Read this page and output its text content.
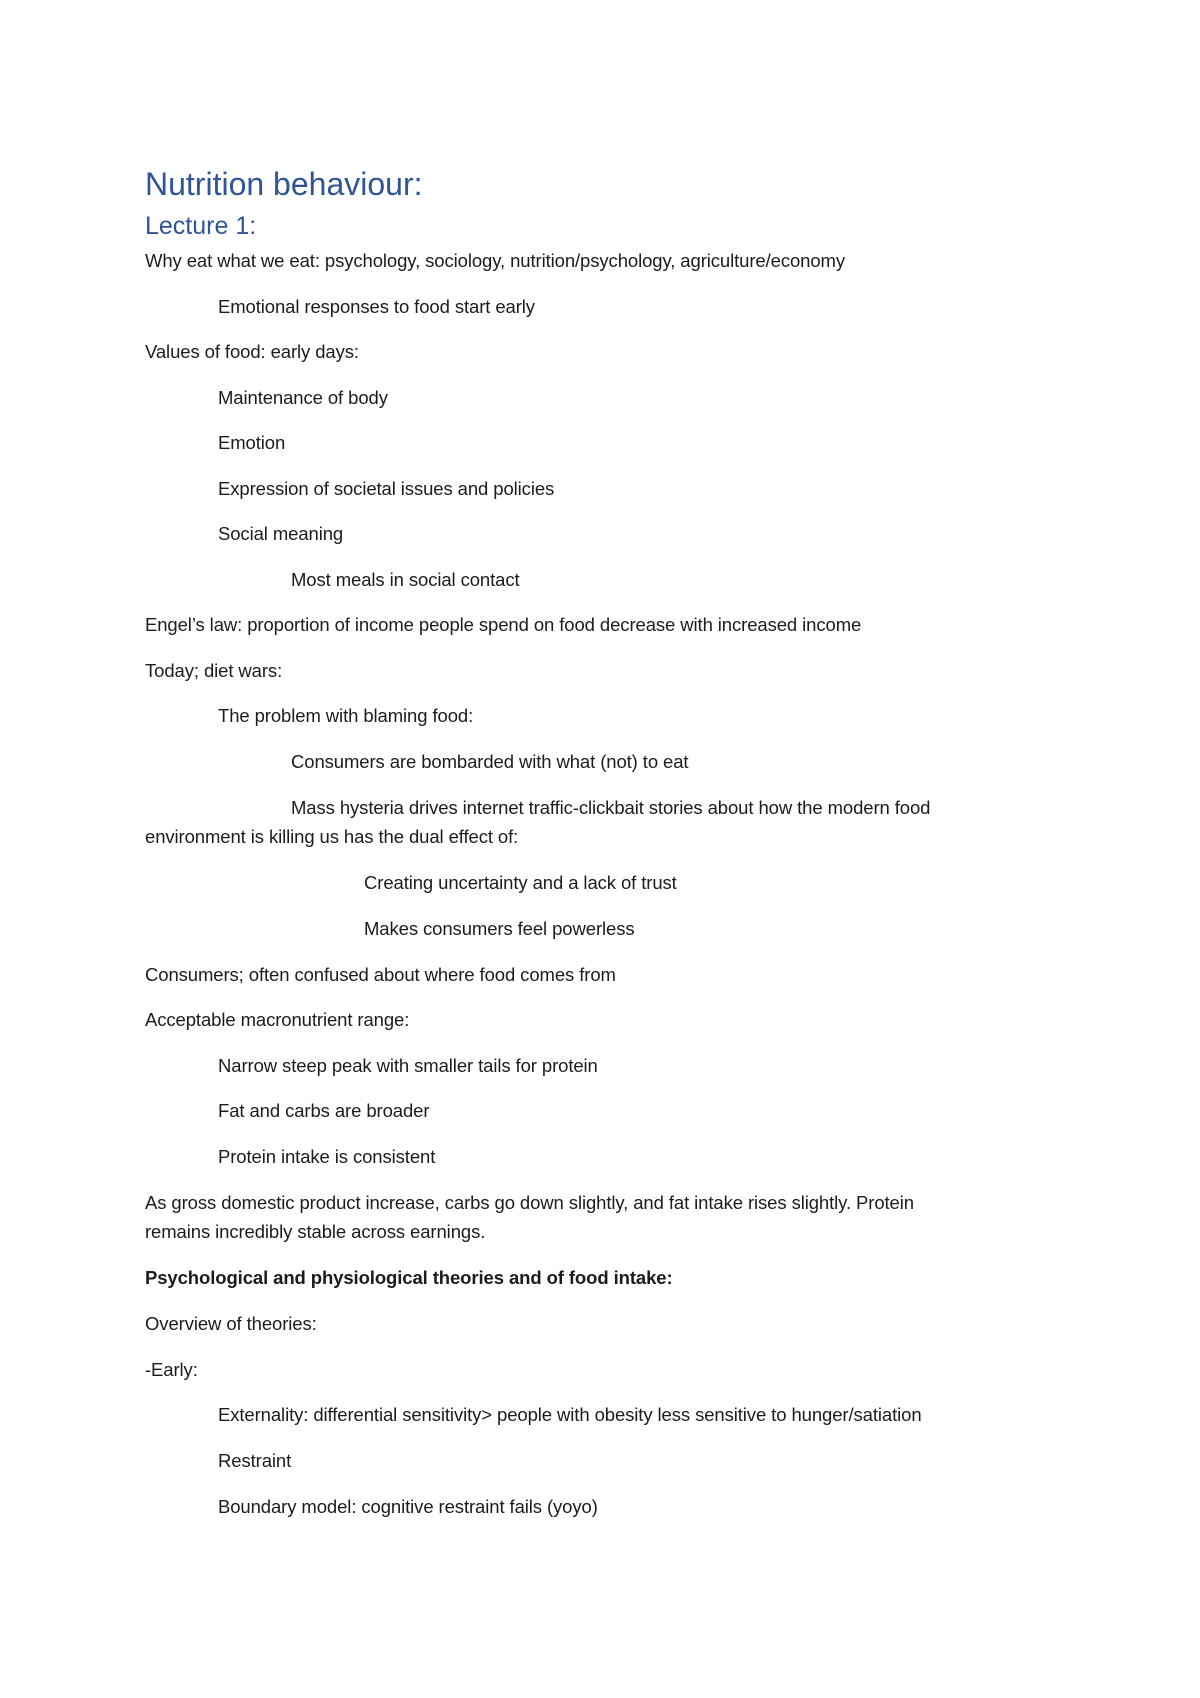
Nutrition behaviour:
Lecture 1:
Why eat what we eat: psychology, sociology, nutrition/psychology, agriculture/economy
Emotional responses to food start early
Values of food: early days:
Maintenance of body
Emotion
Expression of societal issues and policies
Social meaning
Most meals in social contact
Engel’s law: proportion of income people spend on food decrease with increased income
Today; diet wars:
The problem with blaming food:
Consumers are bombarded with what (not) to eat
Mass hysteria drives internet traffic-clickbait stories about how the modern food
environment is killing us has the dual effect of:
Creating uncertainty and a lack of trust
Makes consumers feel powerless
Consumers; often confused about where food comes from
Acceptable macronutrient range:
Narrow steep peak with smaller tails for protein
Fat and carbs are broader
Protein intake is consistent
As gross domestic product increase, carbs go down slightly, and fat intake rises slightly. Protein
remains incredibly stable across earnings.
Psychological and physiological theories and of food intake:
Overview of theories:
-Early:
Externality: differential sensitivity> people with obesity less sensitive to hunger/satiation
Restraint
Boundary model: cognitive restraint fails (yoyo)
